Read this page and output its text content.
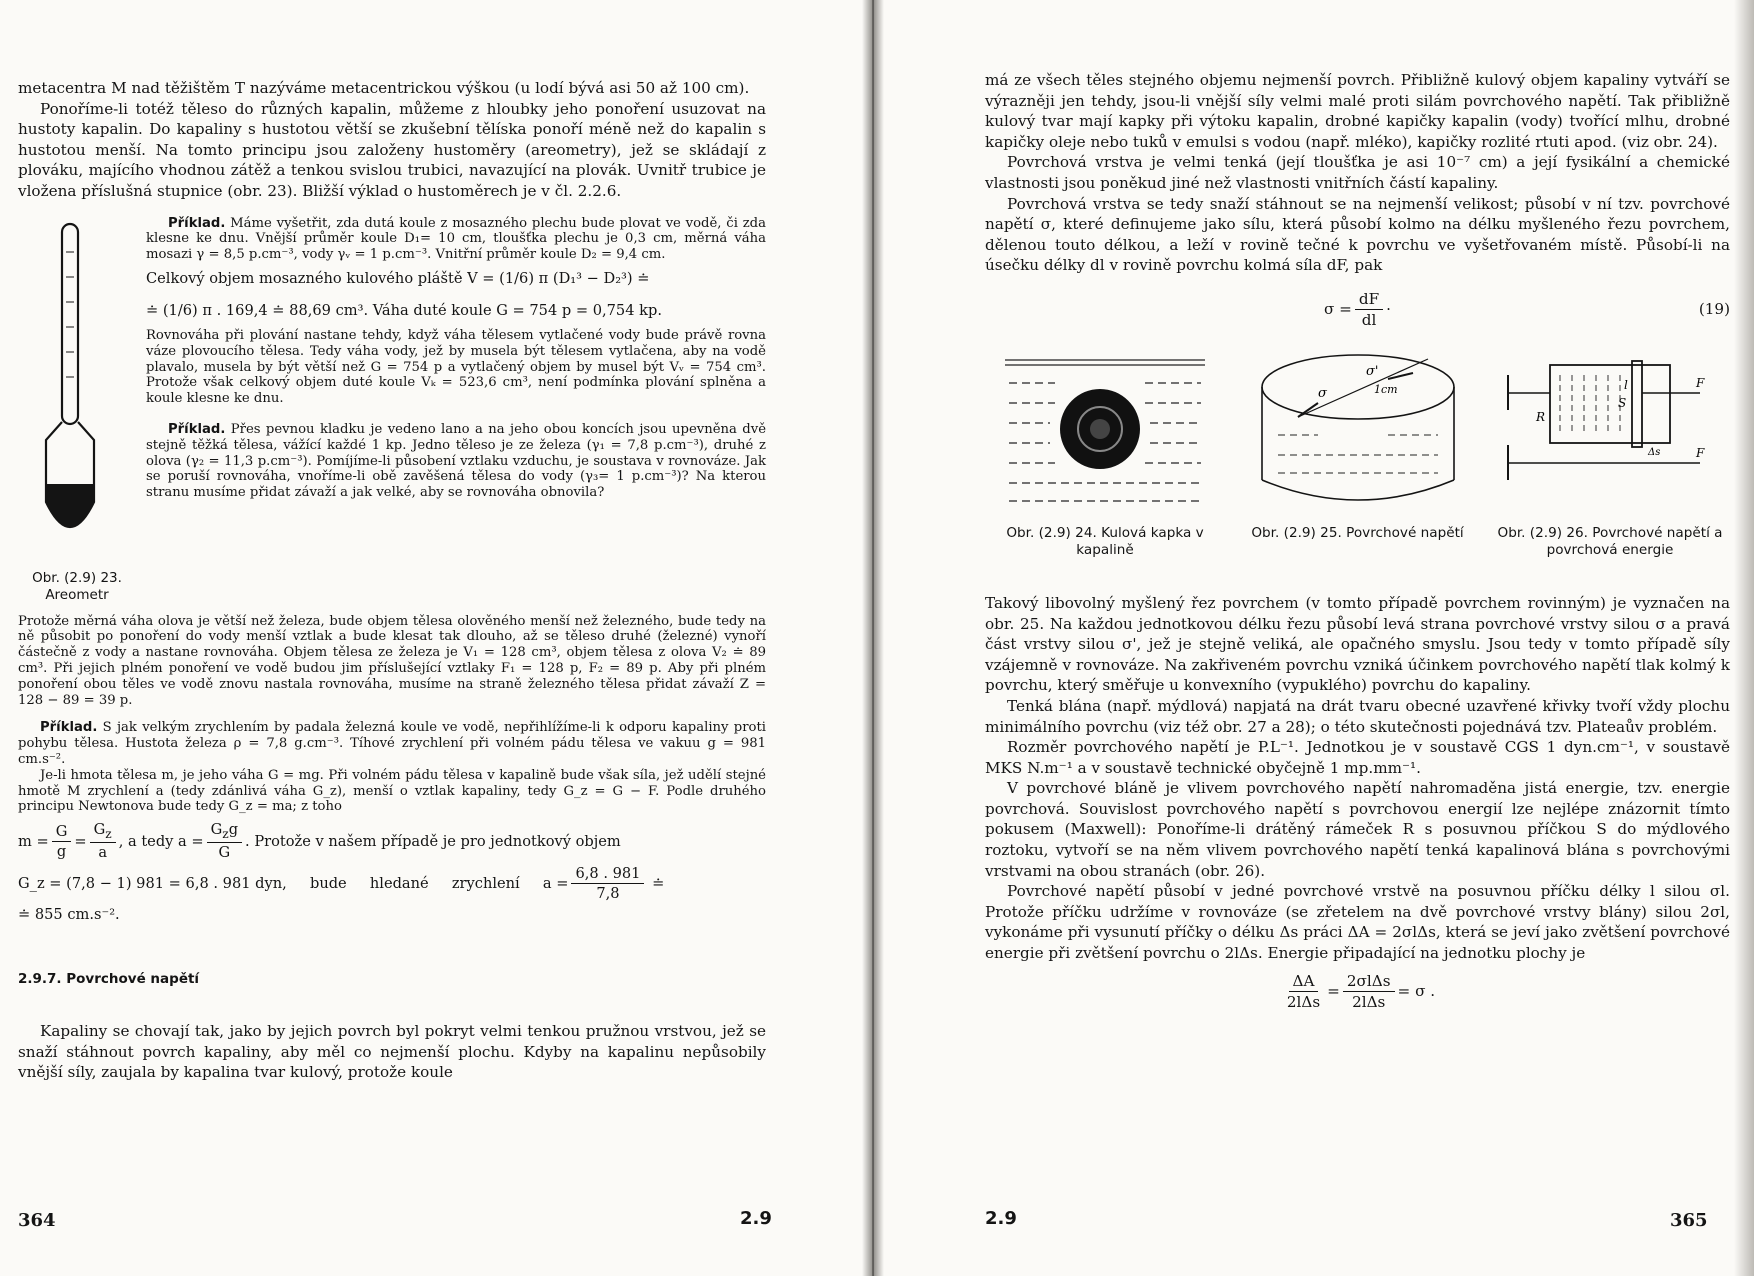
metacentra M nad těžištěm T nazýváme metacentrickou výškou (u lodí bývá asi 50 až 100 cm).

Ponoříme-li totéž těleso do různých kapalin, můžeme z hloubky jeho ponoření usuzovat na hustoty kapalin. Do kapaliny s hustotou větší se zkušební tělíska ponoří méně než do kapalin s hustotou menší. Na tomto principu jsou založeny hustoměry (areometry), jež se skládají z plováku, majícího vhodnou zátěž a tenkou svislou trubici, navazující na plovák. Uvnitř trubice je vložena příslušná stupnice (obr. 23). Bližší výklad o hustoměrech je v čl. 2.2.6.

Obr. (2.9) 23.
Areometr

Příklad. Máme vyšetřit, zda dutá koule z mosazného plechu bude plovat ve vodě, či zda klesne ke dnu. Vnější průměr koule D₁= 10 cm, tloušťka plechu je 0,3 cm, měrná váha mosazi γ = 8,5 p.cm⁻³, vody γᵥ = 1 p.cm⁻³. Vnitřní průměr koule D₂ = 9,4 cm.

Celkový objem mosazného kulového pláště V = (1/6) π (D₁³ − D₂³) ≐
≐ (1/6) π . 169,4 ≐ 88,69 cm³. Váha duté koule G = 754 p = 0,754 kp.

Rovnováha při plování nastane tehdy, když váha tělesem vytlačené vody bude právě rovna váze plovoucího tělesa. Tedy váha vody, jež by musela být tělesem vytlačena, aby na vodě plavalo, musela by být větší než G = 754 p a vytlačený objem by musel být Vᵥ = 754 cm³. Protože však celkový objem duté koule Vₖ = 523,6 cm³, není podmínka plování splněna a koule klesne ke dnu.

Příklad. Přes pevnou kladku je vedeno lano a na jeho obou koncích jsou upevněna dvě stejně těžká tělesa, vážící každé 1 kp. Jedno těleso je ze železa (γ₁ = 7,8 p.cm⁻³), druhé z olova (γ₂ = 11,3 p.cm⁻³). Pomíjíme-li působení vztlaku vzduchu, je soustava v rovnováze. Jak se poruší rovnováha, vnoříme-li obě zavěšená tělesa do vody (γ₃= 1 p.cm⁻³)? Na kterou stranu musíme přidat závaží a jak velké, aby se rovnováha obnovila?

Protože měrná váha olova je větší než železa, bude objem tělesa olověného menší než železného, bude tedy na ně působit po ponoření do vody menší vztlak a bude klesat tak dlouho, až se těleso druhé (železné) vynoří částečně z vody a nastane rovnováha. Objem tělesa ze železa je V₁ = 128 cm³, objem tělesa z olova V₂ ≐ 89 cm³. Při jejich plném ponoření ve vodě budou jim příslušející vztlaky F₁ = 128 p, F₂ = 89 p. Aby při plném ponoření obou těles ve vodě znovu nastala rovnováha, musíme na straně železného tělesa přidat závaží Z = 128 − 89 = 39 p.

Příklad. S jak velkým zrychlením by padala železná koule ve vodě, nepřihlížíme-li k odporu kapaliny proti pohybu tělesa. Hustota železa ρ = 7,8 g.cm⁻³. Tíhové zrychlení při volném pádu tělesa ve vakuu g = 981 cm.s⁻².

Je-li hmota tělesa m, je jeho váha G = mg. Při volném pádu tělesa v kapalině bude však síla, jež udělí stejné hmotě M zrychlení a (tedy zdánlivá váha G_z), menší o vztlak kapaliny, tedy G_z = G − F. Podle druhého principu Newtonova bude tedy G_z = ma; z toho

$m = \frac{G}{g} = \frac{G_z}{a}$ , a tedy $a = \frac{G_zg}{G}$ . Protože v našem případě je pro jednotkový objem
G_z = (7,8 − 1) 981 = 6,8 . 981 dyn,     bude     hledané     zrychlení     $a = \frac{6,8 . 981}{7,8}$ ≐
≐ 855 cm.s⁻².
2.9.7. Povrchové napětí

Kapaliny se chovají tak, jako by jejich povrch byl pokryt velmi tenkou pružnou vrstvou, jež se snaží stáhnout povrch kapaliny, aby měl co nejmenší plochu. Kdyby na kapalinu nepůsobily vnější síly, zaujala by kapalina tvar kulový, protože koule

364	2.9

má ze všech těles stejného objemu nejmenší povrch. Přibližně kulový objem kapaliny vytváří se výrazněji jen tehdy, jsou-li vnější síly velmi malé proti silám povrchového napětí. Tak přibližně kulový tvar mají kapky při výtoku kapalin, drobné kapičky kapalin (vody) tvořící mlhu, drobné kapičky oleje nebo tuků v emulsi s vodou (např. mléko), kapičky rozlité rtuti apod. (viz obr. 24).

Povrchová vrstva je velmi tenká (její tloušťka je asi 10⁻⁷ cm) a její fysikální a chemické vlastnosti jsou poněkud jiné než vlastnosti vnitřních částí kapaliny.

Povrchová vrstva se tedy snaží stáhnout se na nejmenší velikost; působí v ní tzv. povrchové napětí σ, které definujeme jako sílu, která působí kolmo na délku myšleného řezu povrchem, dělenou touto délkou, a leží v rovině tečné k povrchu ve vyšetřovaném místě. Působí-li na úsečku délky dl v rovině povrchu kolmá síla dF, pak

$\sigma = \frac{dF}{dl}$ ·	(19)
Obr. (2.9) 24. Kulová kapka v kapalině
σ
σ'
1cm
Obr. (2.9) 25. Povrchové napětí
R
S
l	F
F
Δs
Obr. (2.9) 26. Povrchové napětí a povrchová energie

Takový libovolný myšlený řez povrchem (v tomto případě povrchem rovinným) je vyznačen na obr. 25. Na každou jednotkovou délku řezu působí levá strana povrchové vrstvy silou σ a pravá část vrstvy silou σ', jež je stejně veliká, ale opačného smyslu. Jsou tedy v tomto případě síly vzájemně v rovnováze. Na zakřiveném povrchu vzniká účinkem povrchového napětí tlak kolmý k povrchu, který směřuje u konvexního (vypuklého) povrchu do kapaliny.

Tenká blána (např. mýdlová) napjatá na drát tvaru obecné uzavřené křivky tvoří vždy plochu minimálního povrchu (viz též obr. 27 a 28); o této skutečnosti pojednává tzv. Plateaův problém.

Rozměr povrchového napětí je P.L⁻¹. Jednotkou je v soustavě CGS 1 dyn.cm⁻¹, v soustavě MKS N.m⁻¹ a v soustavě technické obyčejně 1 mp.mm⁻¹.

V povrchové bláně je vlivem povrchového napětí nahromaděna jistá energie, tzv. energie povrchová. Souvislost povrchového napětí s povrchovou energií lze nejlépe znázornit tímto pokusem (Maxwell): Ponoříme-li drátěný rámeček R s posuvnou příčkou S do mýdlového roztoku, vytvoří se na něm vlivem povrchového napětí tenká kapalinová blána s povrchovými vrstvami na obou stranách (obr. 26).

Povrchové napětí působí v jedné povrchové vrstvě na posuvnou příčku délky l silou σl. Protože příčku udržíme v rovnováze (se zřetelem na dvě povrchové vrstvy blány) silou 2σl, vykonáme při vysunutí příčky o délku Δs práci ΔA = 2σlΔs, která se jeví jako zvětšení povrchové energie při zvětšení povrchu o 2lΔs. Energie připadající na jednotku plochy je

$\frac{\Delta A}{\text{2lΔs}} = \frac{\text{2σlΔs}}{\text{2lΔs}} = \sigma$ .
2.9	365
